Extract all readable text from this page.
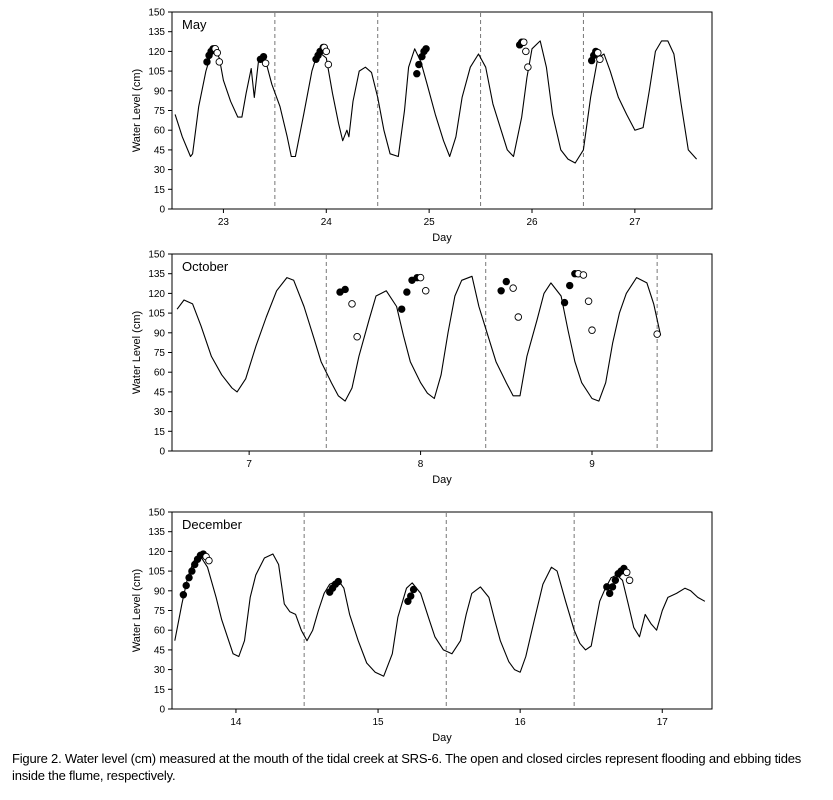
0
15
30
45
60
75
90
105
120
135
150
23	24	25	26	27
May
Day
Water Level (cm)
0
15
30
45
60
75
90
105
120
135
150
7	8	9
October
Day
Water Level (cm)
0
15
30
45
60
75
90
105
120
135
150
14	15	16	17
December
Day
Water Level (cm)
Figure 2. Water level (cm) measured at the mouth of the tidal creek at SRS-6. The open and closed circles represent flooding and ebbing tides inside the flume, respectively.
